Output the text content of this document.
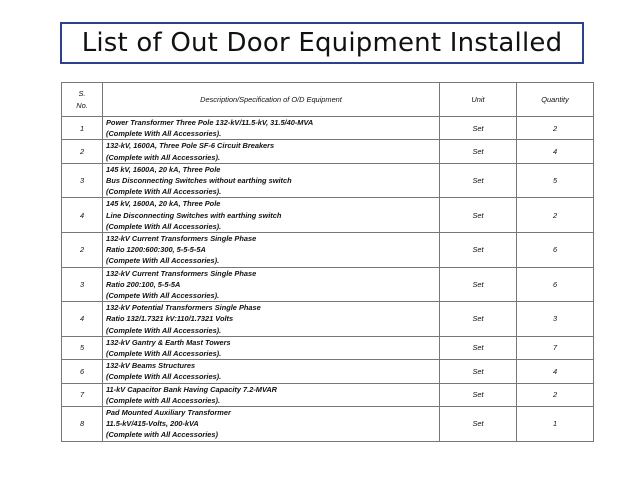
List of Out Door Equipment Installed
S.
No.	Description/Specification of O/D Equipment	Unit	Quantity
1	Power Transformer Three Pole 132-kV/11.5-kV, 31.5/40-MVA
(Complete With All Accessories).	Set	2
2	132-kV, 1600A, Three Pole SF-6 Circuit Breakers
(Complete with All Accessories).	Set	4
3	145 kV, 1600A, 20 kA, Three Pole
Bus Disconnecting Switches without earthing switch
(Complete With All Accessories).	Set	5
4	145 kV, 1600A, 20 kA, Three Pole
Line Disconnecting Switches with earthing switch
(Complete With All Accessories).	Set	2
2	132-kV Current Transformers Single Phase
Ratio 1200:600:300, 5-5-5-5A
(Compete With All Accessories).	Set	6
3	132-kV Current Transformers Single Phase
Ratio 200:100, 5-5-5A
(Compete With All Accessories).	Set	6
4	132-kV Potential Transformers Single Phase
Ratio 132/1.7321 kV:110/1.7321 Volts
(Complete With All Accessories).	Set	3
5	132-kV Gantry & Earth Mast Towers
(Complete With All Accessories).	Set	7
6	132-kV Beams Structures
(Complete With All Accessories).	Set	4
7	11-kV Capacitor Bank Having Capacity 7.2-MVAR
(Complete with All Accessories).	Set	2
8	Pad Mounted Auxiliary Transformer
11.5-kV/415-Volts, 200-kVA
(Complete with All Accessories)	Set	1
